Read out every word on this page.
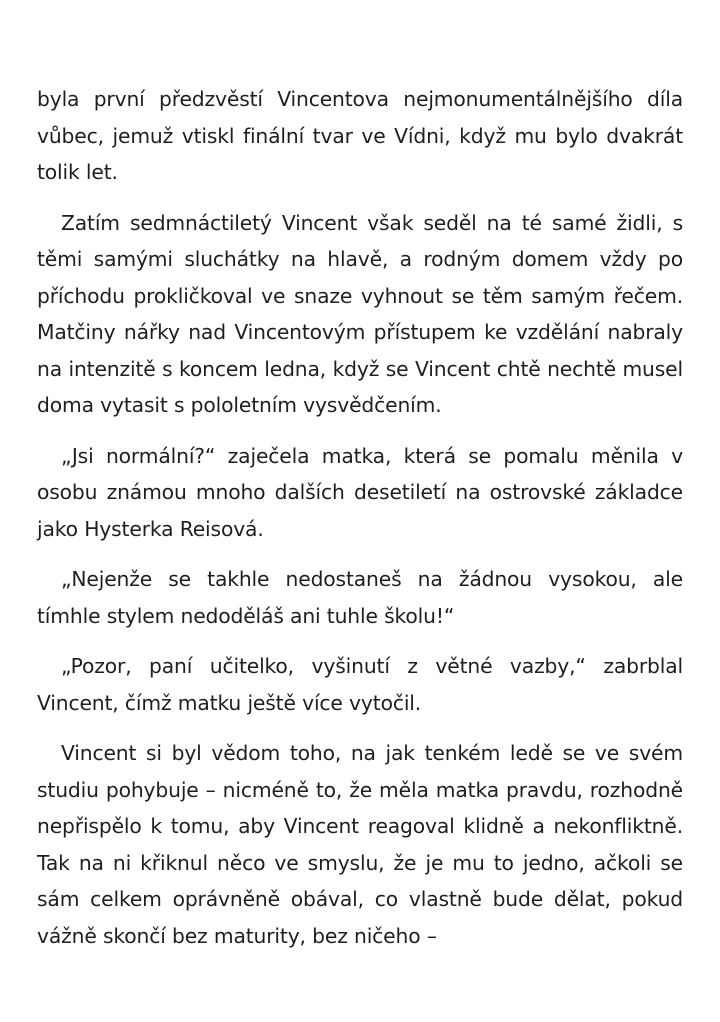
byla první předzvěstí Vincentova nejmonumentálnějšího díla vůbec, jemuž vtiskl finální tvar ve Vídni, když mu bylo dvakrát tolik let.

Zatím sedmnáctiletý Vincent však seděl na té samé židli, s těmi samými sluchátky na hlavě, a rodným domem vždy po příchodu prokličkoval ve snaze vyhnout se těm samým řečem. Matčiny nářky nad Vincentovým přístupem ke vzdělání nabraly na intenzitě s koncem ledna, když se Vincent chtě nechtě musel doma vytasit s pololetním vysvědčením.

„Jsi normální?“ zaječela matka, která se pomalu měnila v osobu známou mnoho dalších desetiletí na ostrovské základce jako Hysterka Reisová.

„Nejenže se takhle nedostaneš na žádnou vysokou, ale tímhle stylem nedoděláš ani tuhle školu!“

„Pozor, paní učitelko, vyšinutí z větné vazby,“ zabrblal Vincent, čímž matku ještě více vytočil.

Vincent si byl vědom toho, na jak tenkém ledě se ve svém studiu pohybuje – nicméně to, že měla matka pravdu, rozhodně nepřispělo k tomu, aby Vincent reagoval klidně a nekonfliktně. Tak na ni křiknul něco ve smyslu, že je mu to jedno, ačkoli se sám celkem oprávněně obával, co vlastně bude dělat, pokud vážně skončí bez maturity, bez ničeho –
